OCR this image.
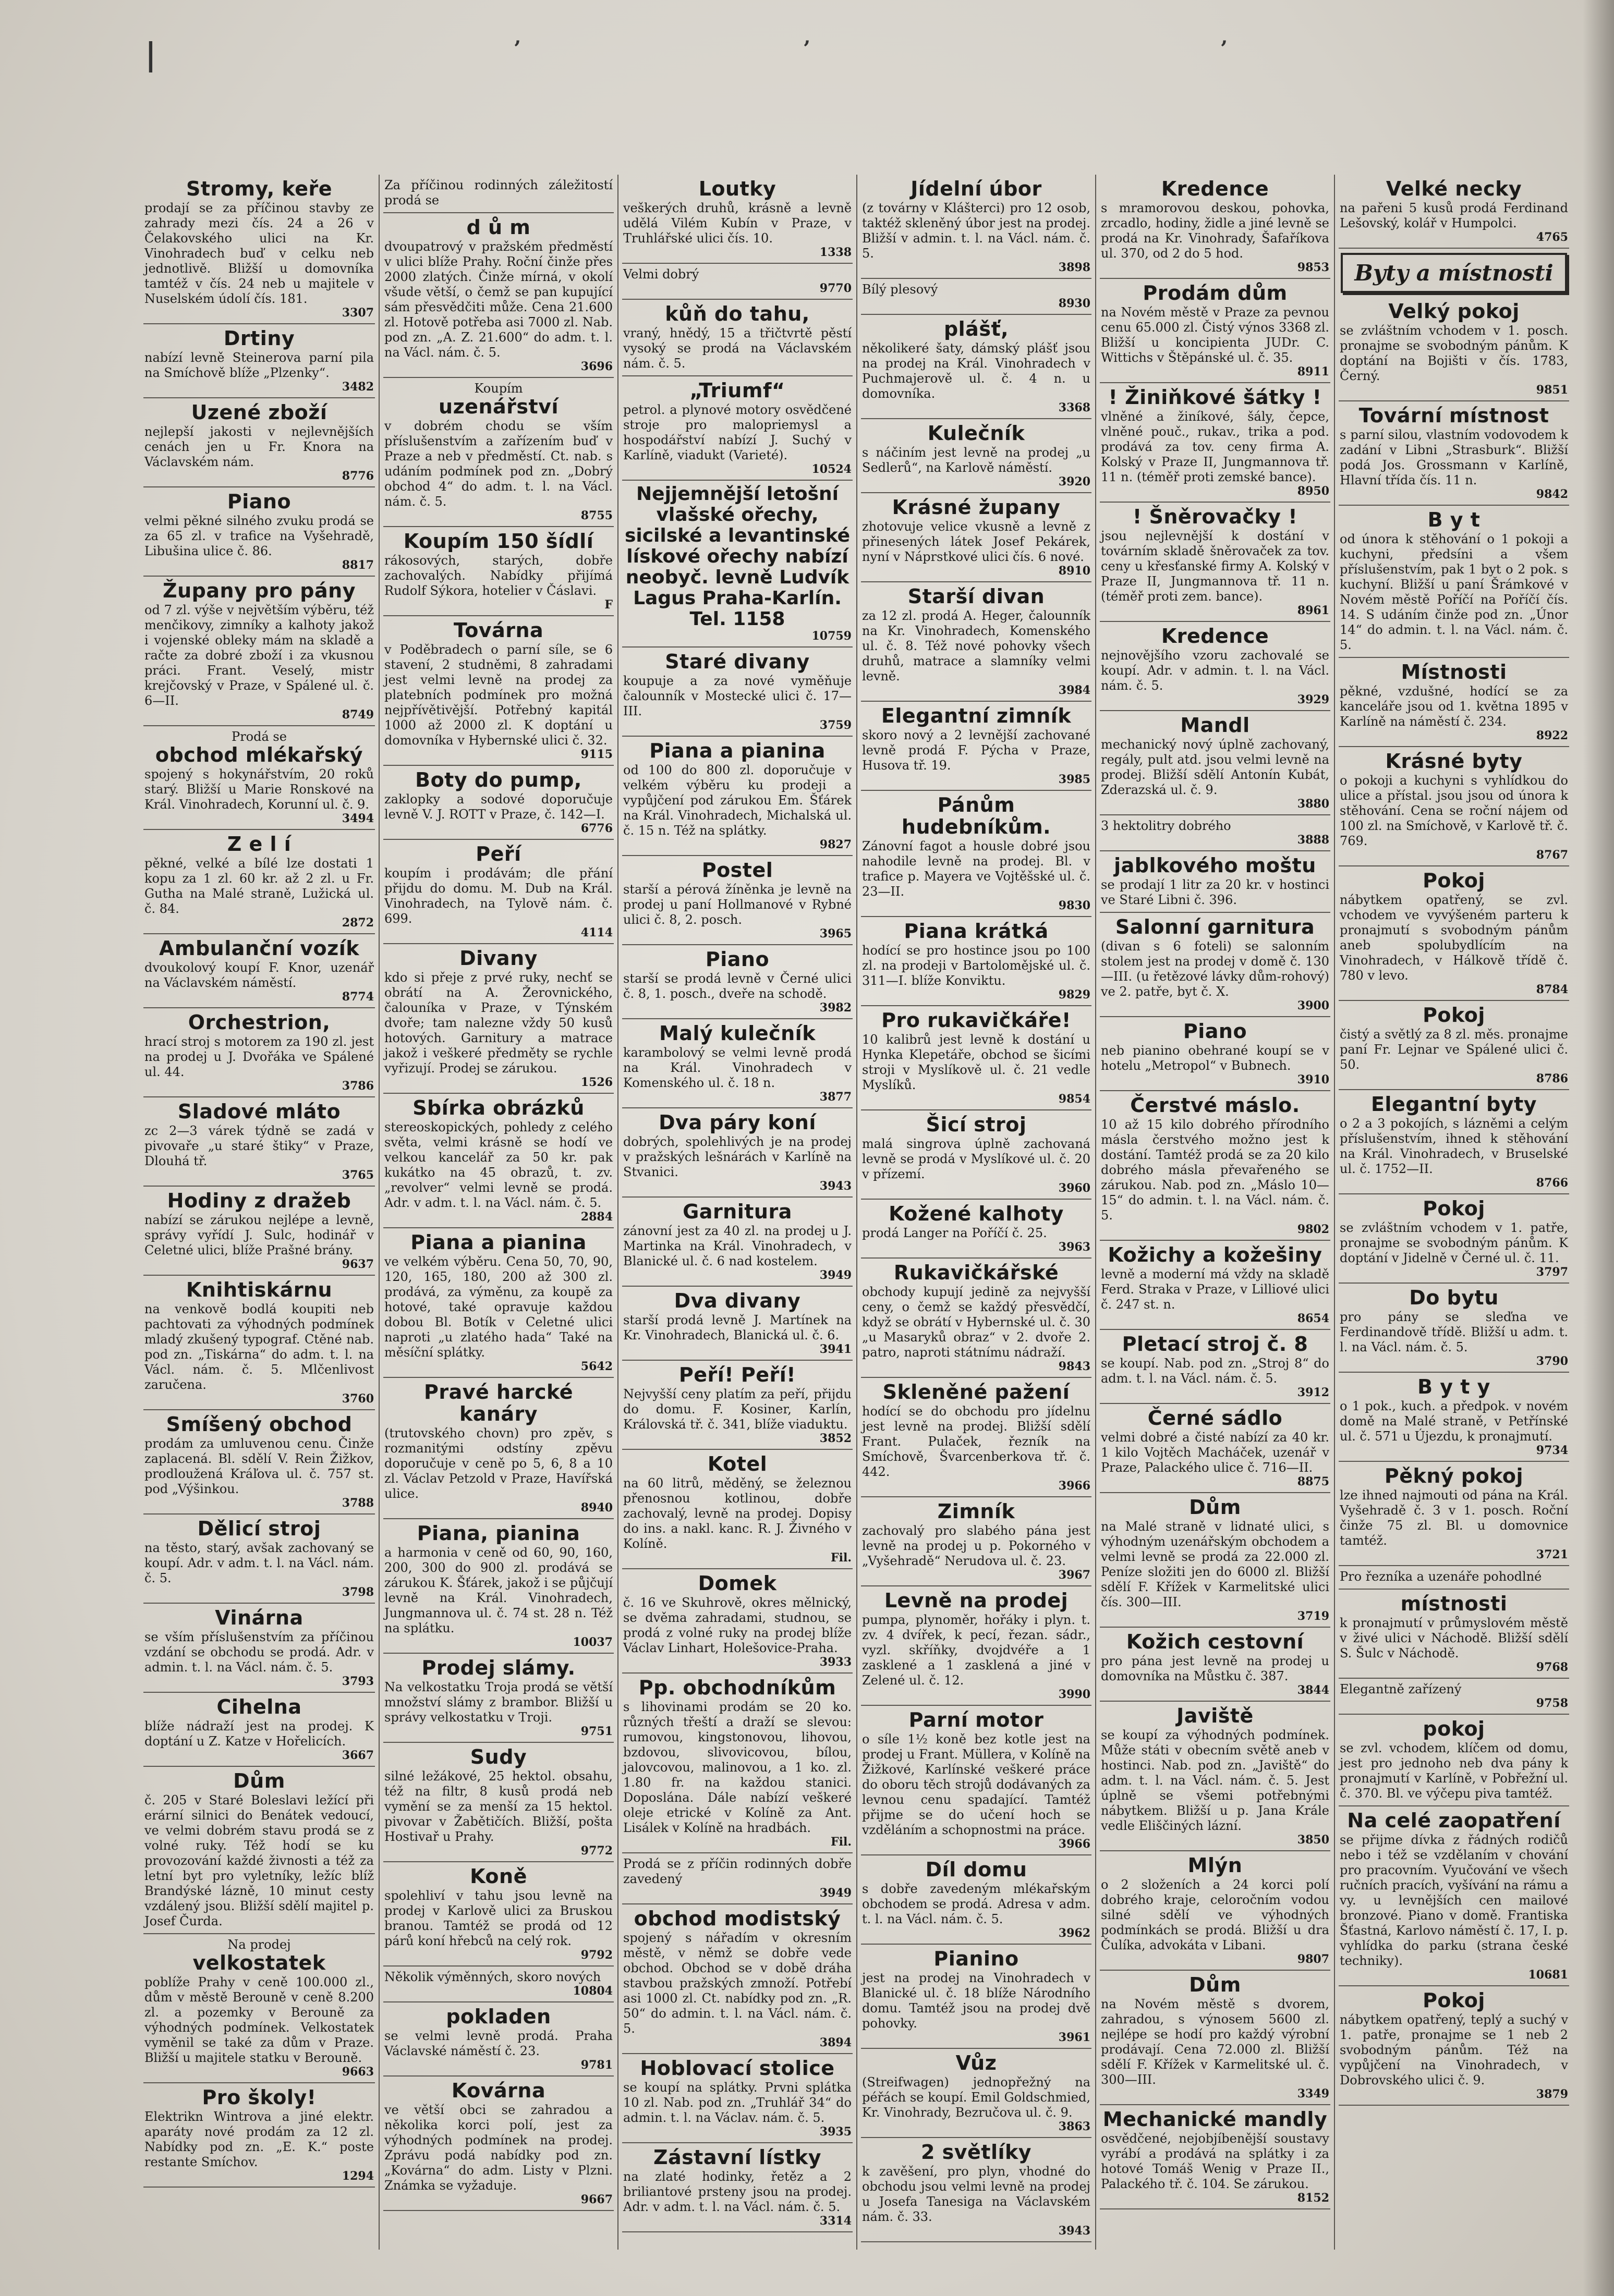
|	’	’	’
Stromy, keře

prodají se za příčinou stavby ze zahrady mezi čís. 24 a 26 v Čelakovského ulici na Kr. Vinohradech buď v celku neb jednotlivě. Bližší u domovníka tamtéž v čís. 24 neb u majitele v Nuselském údolí čís. 181.

3307
Drtiny

nabízí levně Steinerova parní pila na Smíchově blíže „Plzenky“.

3482
Uzené zboží

nejlepší jakosti v nejlevnějších cenách jen u Fr. Knora na Václavském nám.

8776
Piano

velmi pěkné silného zvuku prodá se za 65 zl. v trafice na Vyšehradě, Libušina ulice č. 86.

8817
Župany pro pány

od 7 zl. výše v největším výběru, též menčikovy, zimníky a kalhoty jakož i vojenské obleky mám na skladě a račte za dobré zboží i za vkusnou práci. Frant. Veselý, mistr krejčovský v Praze, v Spálené ul. č. 6—II.

8749
Prodá se
obchod mlékařský

spojený s hokynářstvím, 20 roků starý. Bližší u Marie Ronskové na Král. Vinohradech, Korunní ul. č. 9.

3494
Z e l í

pěkné, velké a bílé lze dostati 1 kopu za 1 zl. 60 kr. až 2 zl. u Fr. Gutha na Malé straně, Lužická ul. č. 84.

2872
Ambulanční vozík

dvoukolový koupí F. Knor, uzenář na Václavském náměstí.

8774
Orchestrion,

hrací stroj s motorem za 190 zl. jest na prodej u J. Dvořáka ve Spálené ul. 44.

3786
Sladové mláto

zc 2—3 várek týdně se zadá v pivovaře „u staré štiky“ v Praze, Dlouhá tř.

3765
Hodiny z dražeb

nabízí se zárukou nejlépe a levně, správy vyřídí J. Sulc, hodinář v Celetné ulici, blíže Prašné brány.

9637
Knihtiskárnu

na venkově bodlá koupiti neb pachtovati za výhodných podmínek mladý zkušený typograf. Ctěné nab. pod zn. „Tiskárna“ do adm. t. l. na Václ. nám. č. 5. Mlčenlivost zaručena.

3760
Smíšený obchod

prodám za umluvenou cenu. Činže zaplacená. Bl. sdělí V. Rein Žižkov, prodloužená Kráľova ul. č. 757 st. pod „Výšinkou.

3788
Dělicí stroj

na těsto, starý, avšak zachovaný se koupí. Adr. v adm. t. l. na Václ. nám. č. 5.

3798
Vinárna

se vším příslušenstvím za příčinou vzdání se obchodu se prodá. Adr. v admin. t. l. na Václ. nám. č. 5.

3793
Cihelna

blíže nádraží jest na prodej. K doptání u Z. Katze v Hořelicích.

3667
Dům

č. 205 v Staré Boleslavi ležící při erární silnici do Benátek vedoucí, ve velmi dobrém stavu prodá se z volné ruky. Též hodí se ku provozování každé živnosti a též za letní byt pro vyletníky, ležíc blíž Brandýské lázně, 10 minut cesty vzdálený jsou. Bližší sdělí majitel p. Josef Čurda.

Na prodej
velkostatek

poblíže Prahy v ceně 100.000 zl., dům v městě Berouně v ceně 8.200 zl. a pozemky v Berouně za výhodných podmínek. Velkostatek vyměnil se také za dům v Praze. Bližší u majitele statku v Berouně.

9663
Pro školy!

Elektrikn Wintrova a jiné elektr. aparáty nové prodám za 12 zl. Nabídky pod zn. „E. K.“ poste restante Smíchov.

1294

Za příčinou rodinných záležitostí prodá se

d ů m

dvoupatrový v pražském předměstí v ulici blíže Prahy. Roční činže přes 2000 zlatých. Činže mírná, v okolí všude větší, o čemž se pan kupující sám přesvědčiti může. Cena 21.600 zl. Hotově potřeba asi 7000 zl. Nab. pod zn. „A. Z. 21.600“ do adm. t. l. na Václ. nám. č. 5.

3696
Koupím
uzenářství

v dobrém chodu se vším příslušenstvím a zařízením buď v Praze a neb v předměstí. Ct. nab. s udáním podmínek pod zn. „Dobrý obchod 4“ do adm. t. l. na Václ. nám. č. 5.

8755
Koupím 150 šídlí

rákosových, starých, dobře zachovalých. Nabídky přijímá Rudolf Sýkora, hotelier v Čáslavi.

F
Továrna

v Poděbradech o parní síle, se 6 stavení, 2 studněmi, 8 zahradami jest velmi levně na prodej za platebních podmínek pro možná nejpřívětivější. Potřebný kapitál 1000 až 2000 zl. K doptání u domovníka v Hybernské ulici č. 32.

9115
Boty do pump,

zaklopky a sodové doporučuje levně V. J. ROTT v Praze, č. 142—I.

6776
Peří

koupím i prodávám; dle přání přijdu do domu. M. Dub na Král. Vinohradech, na Tylově nám. č. 699.

4114
Divany

kdo si přeje z prvé ruky, nechť se obrátí na A. Žerovnického, čalouníka v Praze, v Týnském dvoře; tam nalezne vždy 50 kusů hotových. Garnitury a matrace jakož i veškeré předměty se rychle vyřizují. Prodej se zárukou.

1526
Sbírka obrázků

stereoskopických, pohledy z celého světa, velmi krásně se hodí ve velkou kancelář za 50 kr. pak kukátko na 45 obrazů, t. zv. „revolver“ velmi levně se prodá. Adr. v adm. t. l. na Václ. nám. č. 5.

2884
Piana a pianina

ve velkém výběru. Cena 50, 70, 90, 120, 165, 180, 200 až 300 zl. prodává, za výměnu, za koupě za hotové, také opravuje každou dobou Bl. Botík v Celetné ulici naproti „u zlatého hada“ Také na měsíční splátky.

5642
Pravé harcké kanáry

(trutovského chovn) pro zpěv, s rozmanitými odstíny zpěvu doporučuje v ceně po 5, 6, 8 a 10 zl. Václav Petzold v Praze, Havířská ulice.

8940
Piana, pianina

a harmonia v ceně od 60, 90, 160, 200, 300 do 900 zl. prodává se zárukou K. Šťárek, jakož i se půjčují levně na Král. Vinohradech, Jungmannova ul. č. 74 st. 28 n. Též na splátku.

10037
Prodej slámy.

Na velkostatku Troja prodá se větší množství slámy z brambor. Bližší u správy velkostatku v Troji.

9751
Sudy

silné ležákové, 25 hektol. obsahu, též na filtr, 8 kusů prodá neb vymění se za menší za 15 hektol. pivovar v Žabětičích. Bližší, pošta Hostivař u Prahy.

9772
Koně

spolehliví v tahu jsou levně na prodej v Karlově ulici za Bruskou branou. Tamtéž se prodá od 12 párů koní hřebců na celý rok.

9792

Několik výměnných, skoro nových

10804
pokladen

se velmi levně prodá. Praha Václavské náměstí č. 23.

9781
Kovárna

ve větší obci se zahradou a několika korci polí, jest za výhodných podmínek na prodej. Zprávu podá nabídky pod zn. „Kovárna“ do adm. Listy v Plzni. Známka se vyžaduje.

9667
Loutky

veškerých druhů, krásně a levně udělá Vilém Kubín v Praze, v Truhlářské ulici čís. 10.

1338

Velmi dobrý

9770
kůň do tahu,

vraný, hnědý, 15 a třičtvrtě pěstí vysoký se prodá na Václavském nám. č. 5.

„Triumf“

petrol. a plynové motory osvědčené stroje pro malopriemysl a hospodářství nabízí J. Suchý v Karlíně, viadukt (Varieté).

10524
Nejjemnější letošní vlašské ořechy, sicilské a levantinské lískové ořechy nabízí neobyč. levně Ludvík Lagus Praha-Karlín. Tel. 1158
10759
Staré divany

koupuje a za nové vyměňuje čalounník v Mostecké ulici č. 17—III.

3759
Piana a pianina

od 100 do 800 zl. doporučuje v velkém výběru ku prodeji a vypůjčení pod zárukou Em. Šťárek na Král. Vinohradech, Michalská ul. č. 15 n. Též na splátky.

9827
Postel

starší a pérová žíněnka je levně na prodej u paní Hollmanové v Rybné ulici č. 8, 2. posch.

3965
Piano

starší se prodá levně v Černé ulici č. 8, 1. posch., dveře na schodě.

3982
Malý kulečník

karambolový se velmi levně prodá na Král. Vinohradech v Komenského ul. č. 18 n.

3877
Dva páry koní

dobrých, spolehlivých je na prodej v pražských lešnárách v Karlíně na Stvanici.

3943
Garnitura

zánovní jest za 40 zl. na prodej u J. Martinka na Král. Vinohradech, v Blanické ul. č. 6 nad kostelem.

3949
Dva divany

starší prodá levně J. Martínek na Kr. Vinohradech, Blanická ul. č. 6.

3941
Peří! Peří!

Nejvyšší ceny platím za peří, přijdu do domu. F. Kosiner, Karlín, Královská tř. č. 341, blíže viaduktu.

3852
Kotel

na 60 litrů, měděný, se železnou přenosnou kotlinou, dobře zachovalý, levně na prodej. Dopisy do ins. a nakl. kanc. R. J. Živného v Kolíně.

Fil.
Domek

č. 16 ve Skuhrově, okres mělnický, se dvěma zahradami, studnou, se prodá z volné ruky na prodej blíže Václav Linhart, Holešovice-Praha.

3933
Pp. obchodníkům

s lihovinami prodám se 20 ko. různých třeští a draží se slevou: rumovou, kingstonovou, lihovou, bzdovou, slivovicovou, bílou, jalovcovou, malinovou, a 1 ko. zl. 1.80 fr. na každou stanici. Doposlána. Dále nabízí veškeré oleje etrické v Kolíně za Ant. Lisálek v Kolíně na hradbách.

Fil.

Prodá se z příčin rodinných dobře zavedený

3949
obchod modistský

spojený s nářadím v okresním městě, v němž se dobře vede obchod. Obchod se v době dráha stavbou pražských zmnoží. Potřebí asi 1000 zl. Ct. nabídky pod zn. „R. 50“ do admin. t. l. na Václ. nám. č. 5.

3894
Hoblovací stolice

se koupí na splátky. Prvni splátka 10 zl. Nab. pod zn. „Truhlář 34“ do admin. t. l. na Václav. nám. č. 5.

3935
Zástavní lístky

na zlaté hodinky, řetěz a 2 briliantové prsteny jsou na prodej. Adr. v adm. t. l. na Václ. nám. č. 5.

3314
Jídelní úbor

(z továrny v Klášterci) pro 12 osob, taktéž skleněný úbor jest na prodej. Bližší v admin. t. l. na Václ. nám. č. 5.

3898

Bílý plesový

8930
plášť,

několikeré šaty, dámský plášť jsou na prodej na Král. Vinohradech v Puchmajerově ul. č. 4 n. u domovníka.

3368
Kulečník

s náčiním jest levně na prodej „u Sedlerů“, na Karlově náměstí.

3920
Krásné župany

zhotovuje velice vkusně a levně z přinesených látek Josef Pekárek, nyní v Náprstkové ulici čís. 6 nové.

8910
Starší divan

za 12 zl. prodá A. Heger, čalounník na Kr. Vinohradech, Komenského ul. č. 8. Též nové pohovky všech druhů, matrace a slamníky velmi levně.

3984
Elegantní zimník

skoro nový a 2 levnější zachované levně prodá F. Pýcha v Praze, Husova tř. 19.

3985
Pánům hudebníkům.

Zánovní fagot a housle dobré jsou nahodile levně na prodej. Bl. v trafice p. Mayera ve Vojtěšské ul. č. 23—II.

9830
Piana krátká

hodící se pro hostince jsou po 100 zl. na prodeji v Bartolomějské ul. č. 311—I. blíže Konviktu.

9829
Pro rukavičkáře!

10 kalibrů jest levně k dostání u Hynka Klepetáře, obchod se šicími stroji v Myslíkově ul. č. 21 vedle Myslíků.

9854
Šicí stroj

malá singrova úplně zachovaná levně se prodá v Myslíkové ul. č. 20 v přízemí.

3960
Kožené kalhoty

prodá Langer na Poříčí č. 25.

3963
Rukavičkářské

obchody kupují jedině za nejvyšší ceny, o čemž se každý přesvědčí, když se obrátí v Hybernské ul. č. 30 „u Masaryků obraz“ v 2. dvoře 2. patro, naproti státnímu nádraží.

9843
Skleněné pažení

hodící se do obchodu pro jídelnu jest levně na prodej. Bližší sdělí Frant. Pulaček, řezník na Smíchově, Švarcenberkova tř. č. 442.

3966
Zimník

zachovalý pro slabého pána jest levně na prodej u p. Pokorného v „Vyšehradě“ Nerudova ul. č. 23.

3967
Levně na prodej

pumpa, plynoměr, hořáky i plyn. t. zv. 4 dvířek, k pecí, řezan. sádr., vyzl. skříňky, dvojdvéře a 1 zasklené a 1 zasklená a jiné v Zelené ul. č. 12.

3990
Parní motor

o síle 1½ koně bez kotle jest na prodej u Frant. Müllera, v Kolíně na Žižkové, Karlínské veškeré práce do oboru těch strojů dodávaných za levnou cenu spadající. Tamtéž přijme se do učení hoch se vzděláním a schopnostmi na práce.

3966
Díl domu

s dobře zavedeným mlékařským obchodem se prodá. Adresa v adm. t. l. na Václ. nám. č. 5.

3962
Pianino

jest na prodej na Vinohradech v Blanické ul. č. 18 blíže Národního domu. Tamtéž jsou na prodej dvě pohovky.

3961
Vůz

(Streifwagen) jednopřežný na péřách se koupí. Emil Goldschmied, Kr. Vinohrady, Bezručova ul. č. 9.

3863
2 světlíky

k zavěšení, pro plyn, vhodné do obchodu jsou velmi levně na prodej u Josefa Tanesiga na Václavském nám. č. 33.

3943
Kredence

s mramorovou deskou, pohovka, zrcadlo, hodiny, židle a jiné levně se prodá na Kr. Vinohrady, Šafaříkova ul. 370, od 2 do 5 hod.

9853
Prodám dům

na Novém městě v Praze za pevnou cenu 65.000 zl. Čistý výnos 3368 zl. Bližší u koncipienta JUDr. C. Wittichs v Štěpánské ul. č. 35.

8911
! Žiniňkové šátky !

vlněné a žiníkové, šály, čepce, vlněné pouč., rukav., trika a pod. prodává za tov. ceny firma A. Kolský v Praze II, Jungmannova tř. 11 n. (téměř proti zemské bance).

8950
! Šněrovačky !

jsou nejlevnější k dostání v továrním skladě šněrovaček za tov. ceny u křesťanské firmy A. Kolský v Praze II, Jungmannova tř. 11 n. (téměř proti zem. bance).

8961
Kredence

nejnovějšího vzoru zachovalé se koupí. Adr. v admin. t. l. na Václ. nám. č. 5.

3929
Mandl

mechanický nový úplně zachovaný, regály, pult atd. jsou velmi levně na prodej. Bližší sdělí Antonín Kubát, Zderazská ul. č. 9.

3880

3 hektolitry dobrého

3888
jablkového moštu

se prodají 1 litr za 20 kr. v hostinci ve Staré Libni č. 396.

Salonní garnitura

(divan s 6 foteli) se salonním stolem jest na prodej v domě č. 130—III. (u řetězové lávky dům-rohový) ve 2. patře, byt č. X.

3900
Piano

neb pianino obehrané koupí se v hotelu „Metropol“ v Bubnech.

3910
Čerstvé máslo.

10 až 15 kilo dobrého přírodního másla čerstvého možno jest k dostání. Tamtéž prodá se za 20 kilo dobrého másla převařeného se zárukou. Nab. pod zn. „Máslo 10—15“ do admin. t. l. na Václ. nám. č. 5.

9802
Kožichy a kožešiny

levně a moderní má vždy na skladě Ferd. Straka v Praze, v Lilliové ulici č. 247 st. n.

8654
Pletací stroj č. 8

se koupí. Nab. pod zn. „Stroj 8“ do adm. t. l. na Václ. nám. č. 5.

3912
Černé sádlo

velmi dobré a čisté nabízí za 40 kr. 1 kilo Vojtěch Macháček, uzenář v Praze, Palackého ulice č. 716—II.

8875
Dům

na Malé straně v lidnaté ulici, s výhodným uzenářským obchodem a velmi levně se prodá za 22.000 zl. Peníze složiti jen do 6000 zl. Bližší sdělí F. Křížek v Karmelitské ulici čís. 300—III.

3719
Kožich cestovní

pro pána jest levně na prodej u domovníka na Můstku č. 387.

3844
Javiště

se koupí za výhodných podmínek. Může státi v obecním světě aneb v hostinci. Nab. pod zn. „Javiště“ do adm. t. l. na Václ. nám. č. 5. Jest úplně se všemi potřebnými nábytkem. Bližší u p. Jana Krále vedle Eliščiných lázní.

3850
Mlýn

o 2 složeních a 24 korci polí dobrého kraje, celoročním vodou silné sdělí ve výhodných podmínkách se prodá. Bližší u dra Čulíka, advokáta v Libani.

9807
Dům

na Novém městě s dvorem, zahradou, s výnosem 5600 zl. nejlépe se hodí pro každý výrobní prodávají. Cena 72.000 zl. Bližší sdělí F. Křížek v Karmelitské ul. č. 300—III.

3349
Mechanické mandly

osvědčené, nejobjíbenější soustavy vyrábí a prodává na splátky i za hotové Tomáš Wenig v Praze II., Palackého tř. č. 104. Se zárukou.

8152
Velké necky

na pařeni 5 kusů prodá Ferdinand Lešovský, kolář v Humpolci.

4765
Byty a místnosti
Velký pokoj

se zvláštním vchodem v 1. posch. pronajme se svobodným pánům. K doptání na Bojišti v čís. 1783, Černý.

9851
Tovární místnost

s parní silou, vlastním vodovodem k zadání v Libni „Strasburk“. Bližší podá Jos. Grossmann v Karlíně, Hlavní třída čís. 11 n.

9842
B y t

od února k stěhování o 1 pokoji a kuchyni, předsíni a všem příslušenstvím, pak 1 byt o 2 pok. s kuchyní. Bližší u paní Šrámkové v Novém městě Poříčí na Poříčí čís. 14. S udáním činže pod zn. „Únor 14“ do admin. t. l. na Václ. nám. č. 5.

Místnosti

pěkné, vzdušné, hodící se za kanceláře jsou od 1. května 1895 v Karlíně na náměstí č. 234.

8922
Krásné byty

o pokoji a kuchyni s vyhlídkou do ulice a přístal. jsou jsou od února k stěhování. Cena se roční nájem od 100 zl. na Smíchově, v Karlově tř. č. 769.

8767
Pokoj

nábytkem opatřený, se zvl. vchodem ve vyvýšeném parteru k pronajmutí s svobodným pánům aneb spolubydlícím na Vinohradech, v Hálkově třídě č. 780 v levo.

8784
Pokoj

čistý a světlý za 8 zl. měs. pronajme paní Fr. Lejnar ve Spálené ulici č. 50.

8786
Elegantní byty

o 2 a 3 pokojích, s lázněmi a celým příslušenstvím, ihned k stěhování na Král. Vinohradech, v Bruselské ul. č. 1752—II.

8766
Pokoj

se zvláštním vchodem v 1. patře, pronajme se svobodným pánům. K doptání v Jidelně v Černé ul. č. 11.

3797
Do bytu

pro pány se sleďna ve Ferdinandově třídě. Bližší u adm. t. l. na Václ. nám. č. 5.

3790
B y t y

o 1 pok., kuch. a předpok. v novém domě na Malé straně, v Petřínské ul. č. 571 u Újezdu, k pronajmutí.

9734
Pěkný pokoj

lze ihned najmouti od pána na Král. Vyšehradě č. 3 v 1. posch. Roční činže 75 zl. Bl. u domovnice tamtéž.

3721

Pro řezníka a uzenáře pohodlné

místnosti

k pronajmutí v průmyslovém městě v živé ulici v Náchodě. Bližší sdělí S. Šulc v Náchodě.

9768

Elegantně zařízený

9758
pokoj

se zvl. vchodem, klíčem od domu, jest pro jednoho neb dva pány k pronajmutí v Karlíně, v Pobřežní ul. č. 370. Bl. ve výčepu piva tamtéž.

Na celé zaopatření

se přijme dívka z řádných rodičů nebo i též se vzdělaním v chování pro pracovním. Vyučování ve všech ručních pracích, vyšívání na rámu a vy. u levnějších cen mailové bronzové. Piano v domě. Frantiska Šťastná, Karlovo náměstí č. 17, I. p. vyhlídka do parku (strana české techniky).

10681
Pokoj

nábytkem opatřený, teplý a suchý v 1. patře, pronajme se 1 neb 2 svobodným pánům. Též na vypůjčení na Vinohradech, v Dobrovského ulici č. 9.

3879
